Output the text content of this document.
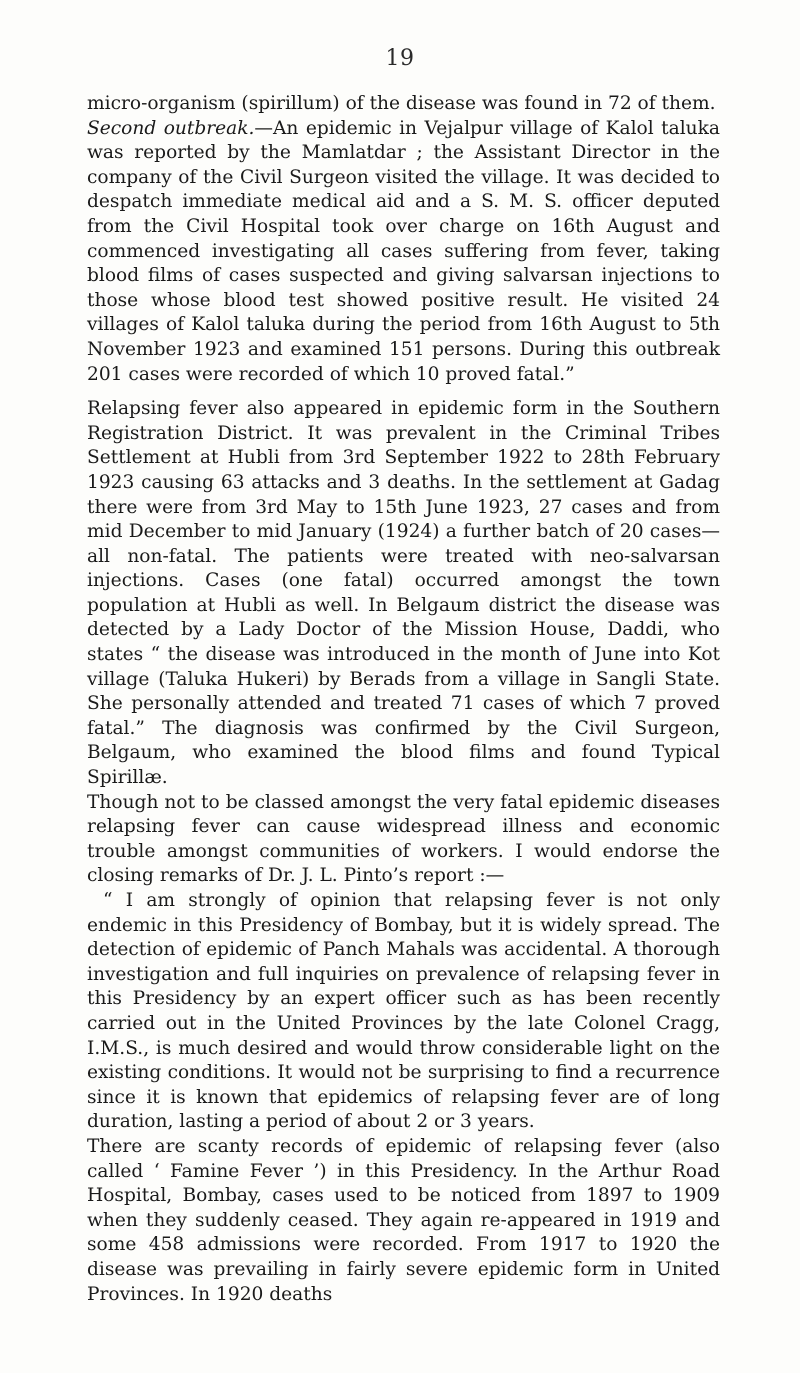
19

micro-organism (spirillum) of the disease was found in 72 of them.

Second outbreak.—An epidemic in Vejalpur village of Kalol taluka was reported by the Mamlatdar ; the Assistant Director in the company of the Civil Surgeon visited the village. It was decided to despatch immediate medical aid and a S. M. S. officer deputed from the Civil Hospital took over charge on 16th August and commenced investigating all cases suffering from fever, taking blood films of cases suspected and giving salvarsan injections to those whose blood test showed positive result. He visited 24 villages of Kalol taluka during the period from 16th August to 5th November 1923 and examined 151 persons. During this outbreak 201 cases were recorded of which 10 proved fatal.”

Relapsing fever also appeared in epidemic form in the Southern Registration District. It was prevalent in the Criminal Tribes Settlement at Hubli from 3rd September 1922 to 28th February 1923 causing 63 attacks and 3 deaths. In the settlement at Gadag there were from 3rd May to 15th June 1923, 27 cases and from mid December to mid January (1924) a further batch of 20 cases—all non-fatal. The patients were treated with neo-salvarsan injections. Cases (one fatal) occurred amongst the town population at Hubli as well. In Belgaum district the disease was detected by a Lady Doctor of the Mission House, Daddi, who states “ the disease was introduced in the month of June into Kot village (Taluka Hukeri) by Berads from a village in Sangli State. She personally attended and treated 71 cases of which 7 proved fatal.” The diagnosis was confirmed by the Civil Surgeon, Belgaum, who examined the blood films and found Typical Spirillæ.

Though not to be classed amongst the very fatal epidemic diseases relapsing fever can cause widespread illness and economic trouble amongst communities of workers. I would endorse the closing remarks of Dr. J. L. Pinto’s report :—

“ I am strongly of opinion that relapsing fever is not only endemic in this Presidency of Bombay, but it is widely spread. The detection of epidemic of Panch Mahals was accidental. A thorough investigation and full inquiries on prevalence of relapsing fever in this Presidency by an expert officer such as has been recently carried out in the United Provinces by the late Colonel Cragg, I.M.S., is much desired and would throw considerable light on the existing conditions. It would not be surprising to find a recurrence since it is known that epidemics of relapsing fever are of long duration, lasting a period of about 2 or 3 years.

There are scanty records of epidemic of relapsing fever (also called ‘ Famine Fever ’) in this Presidency. In the Arthur Road Hospital, Bombay, cases used to be noticed from 1897 to 1909 when they suddenly ceased. They again re-appeared in 1919 and some 458 admissions were recorded. From 1917 to 1920 the disease was prevailing in fairly severe epidemic form in United Provinces. In 1920 deaths
